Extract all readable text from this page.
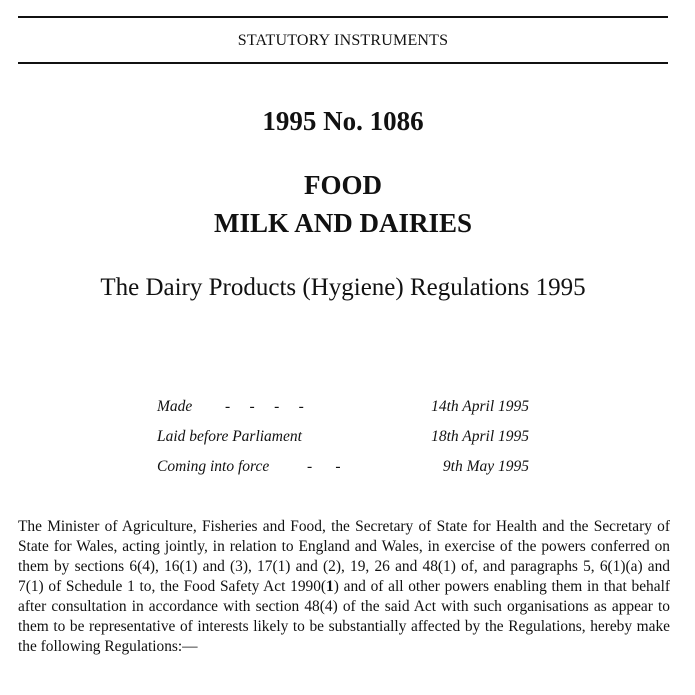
STATUTORY INSTRUMENTS
1995 No. 1086
FOOD
MILK AND DAIRIES
The Dairy Products (Hygiene) Regulations 1995
Made -     -     -     -	14th April 1995
Laid before Parliament	18th April 1995
Coming into force -      -	9th May 1995
The Minister of Agriculture, Fisheries and Food, the Secretary of State for Health and the Secretary of State for Wales, acting jointly, in relation to England and Wales, in exercise of the powers conferred on them by sections 6(4), 16(1) and (3), 17(1) and (2), 19, 26 and 48(1) of, and paragraphs 5, 6(1)(a) and 7(1) of Schedule 1 to, the Food Safety Act 1990(1) and of all other powers enabling them in that behalf after consultation in accordance with section 48(4) of the said Act with such organisations as appear to them to be representative of interests likely to be substantially affected by the Regulations, hereby make the following Regulations:—
